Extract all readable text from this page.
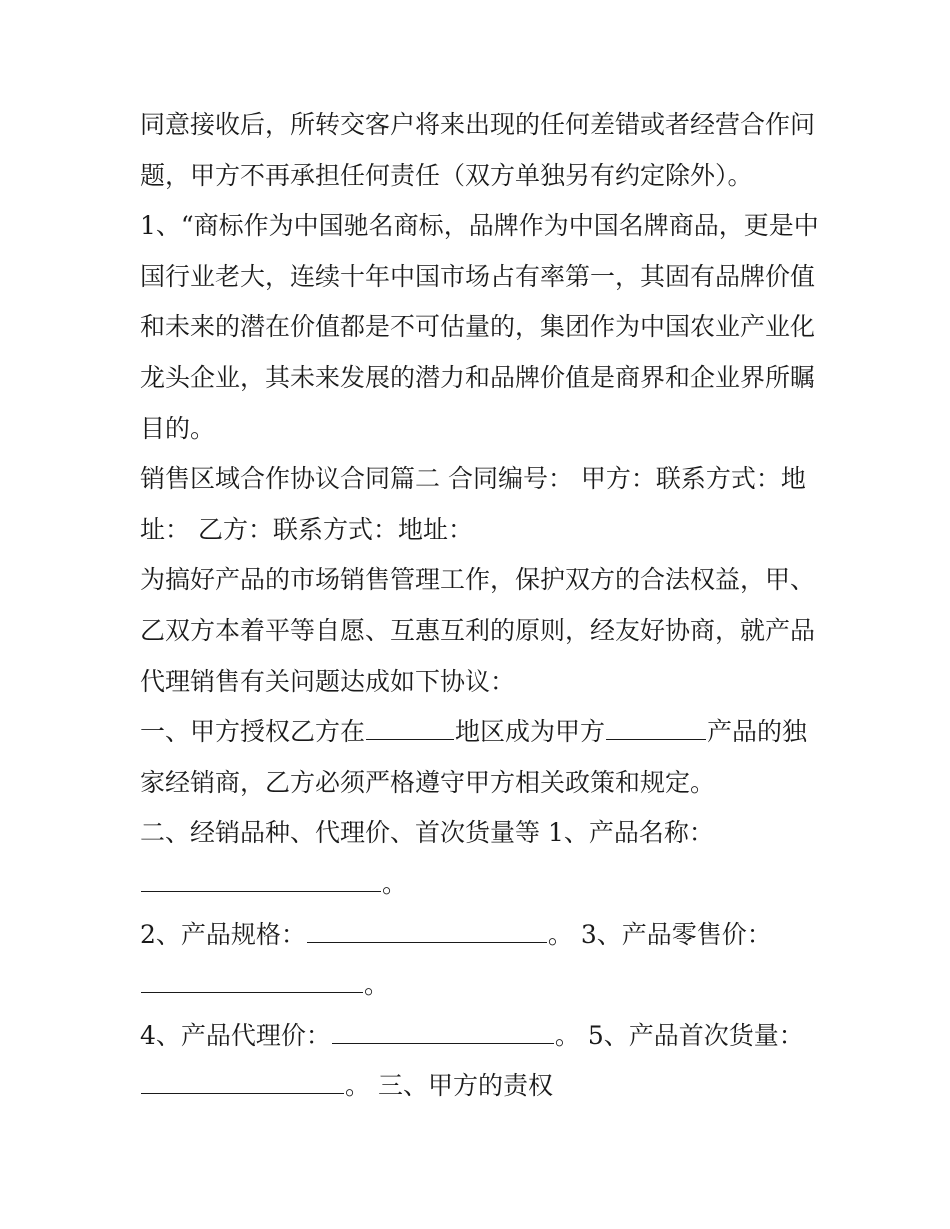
同意接收后，所转交客户将来出现的任何差错或者经营合作问
题，甲方不再承担任何责任（双方单独另有约定除外）。
1、“商标作为中国驰名商标，品牌作为中国名牌商品，更是中
国行业老大，连续十年中国市场占有率第一，其固有品牌价值
和未来的潜在价值都是不可估量的，集团作为中国农业产业化
龙头企业，其未来发展的潜力和品牌价值是商界和企业界所瞩
目的。
销售区域合作协议合同篇二 合同编号： 甲方：联系方式：地
址： 乙方：联系方式：地址：
为搞好产品的市场销售管理工作，保护双方的合法权益，甲、
乙双方本着平等自愿、互惠互利的原则，经友好协商，就产品
代理销售有关问题达成如下协议：
一、甲方授权乙方在	地区成为甲方	产品的独
家经销商，乙方必须严格遵守甲方相关政策和规定。
二、经销品种、代理价、首次货量等 1、产品名称：
。
2、产品规格：	。 3、产品零售价：
。
4、产品代理价：	。 5、产品首次货量：
。 三、甲方的责权
